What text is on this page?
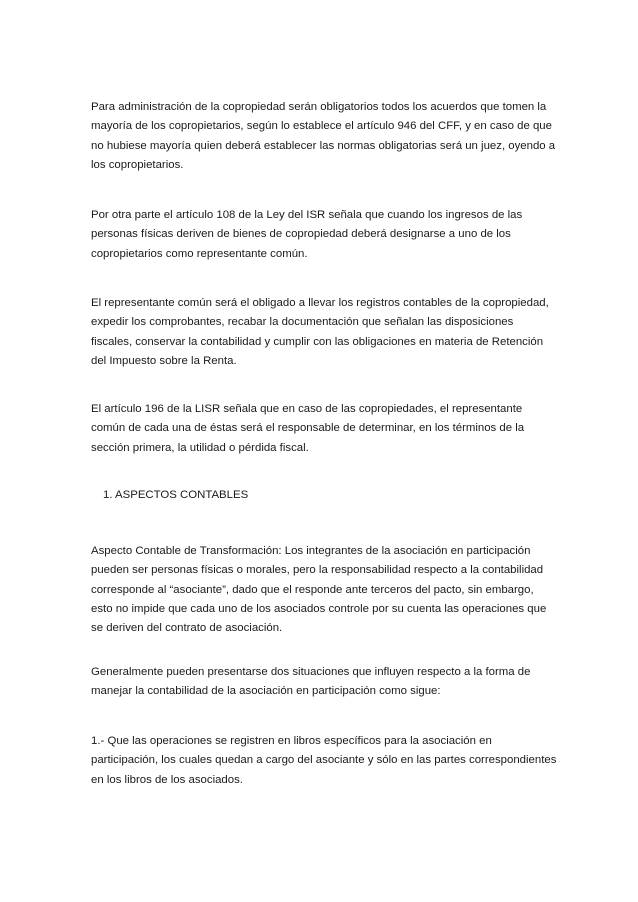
Para administración de la copropiedad serán obligatorios todos los acuerdos que tomen la mayoría de los copropietarios, según lo establece el artículo 946 del CFF, y en caso de que no hubiese mayoría quien deberá establecer las normas obligatorias será un juez, oyendo a los copropietarios.

Por otra parte el artículo 108 de la Ley del ISR señala que cuando los ingresos de las personas físicas deriven de bienes de copropiedad deberá designarse a uno de los copropietarios como representante común.

El representante común será el obligado a llevar los registros contables de la copropiedad, expedir los comprobantes, recabar la documentación que señalan las disposiciones fiscales, conservar la contabilidad y cumplir con las obligaciones en materia de Retención del Impuesto sobre la Renta.

El artículo 196 de la LISR señala que en caso de las copropiedades, el representante común de cada una de éstas será el responsable de determinar, en los términos de la sección primera, la utilidad o pérdida fiscal.

1. ASPECTOS CONTABLES

Aspecto Contable de Transformación: Los integrantes de la asociación en participación pueden ser personas físicas o morales, pero la responsabilidad respecto a la contabilidad corresponde al “asociante”, dado que el responde ante terceros del pacto, sin embargo, esto no impide que cada uno de los asociados controle por su cuenta las operaciones que se deriven del contrato de asociación.

Generalmente pueden presentarse dos situaciones que influyen respecto a la forma de manejar la contabilidad de la asociación en participación como sigue:

1.- Que las operaciones se registren en libros específicos para la asociación en participación, los cuales quedan a cargo del asociante y sólo en las partes correspondientes en los libros de los asociados.
